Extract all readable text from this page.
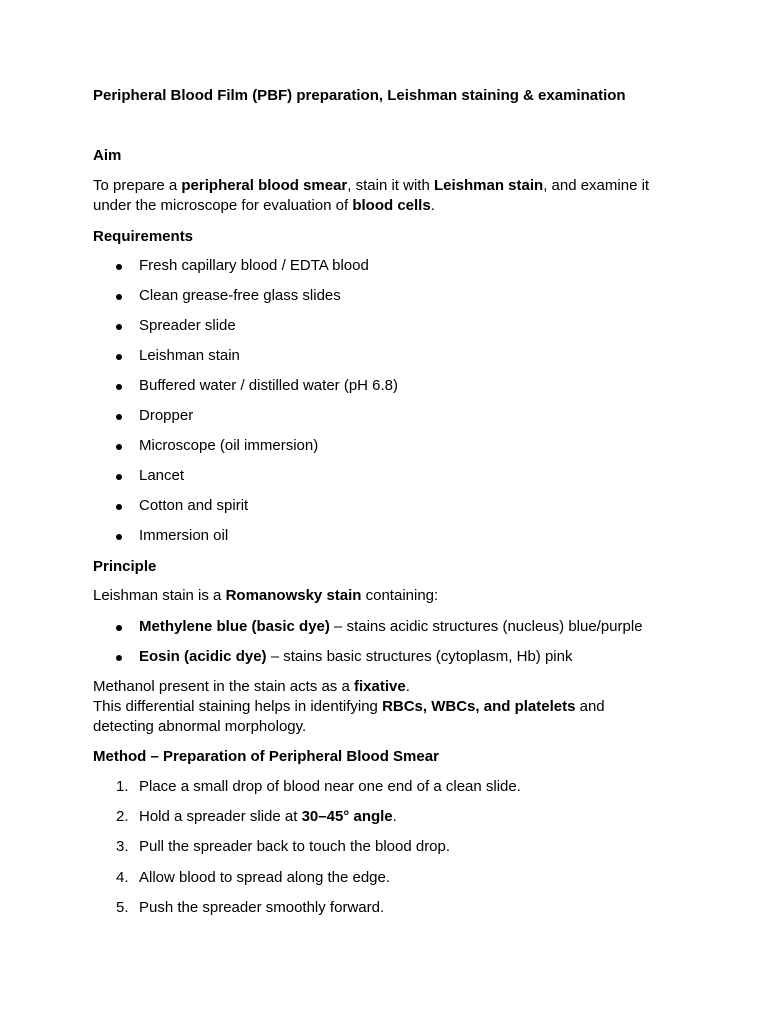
Peripheral Blood Film (PBF) preparation, Leishman staining & examination
Aim
To prepare a peripheral blood smear, stain it with Leishman stain, and examine it
under the microscope for evaluation of blood cells.
Requirements
Fresh capillary blood / EDTA blood
Clean grease-free glass slides
Spreader slide
Leishman stain
Buffered water / distilled water (pH 6.8)
Dropper
Microscope (oil immersion)
Lancet
Cotton and spirit
Immersion oil
Principle
Leishman stain is a Romanowsky stain containing:
Methylene blue (basic dye) – stains acidic structures (nucleus) blue/purple
Eosin (acidic dye) – stains basic structures (cytoplasm, Hb) pink
Methanol present in the stain acts as a fixative.
This differential staining helps in identifying RBCs, WBCs, and platelets and
detecting abnormal morphology.
Method – Preparation of Peripheral Blood Smear
1. Place a small drop of blood near one end of a clean slide.
2. Hold a spreader slide at 30–45° angle.
3. Pull the spreader back to touch the blood drop.
4. Allow blood to spread along the edge.
5. Push the spreader smoothly forward.
